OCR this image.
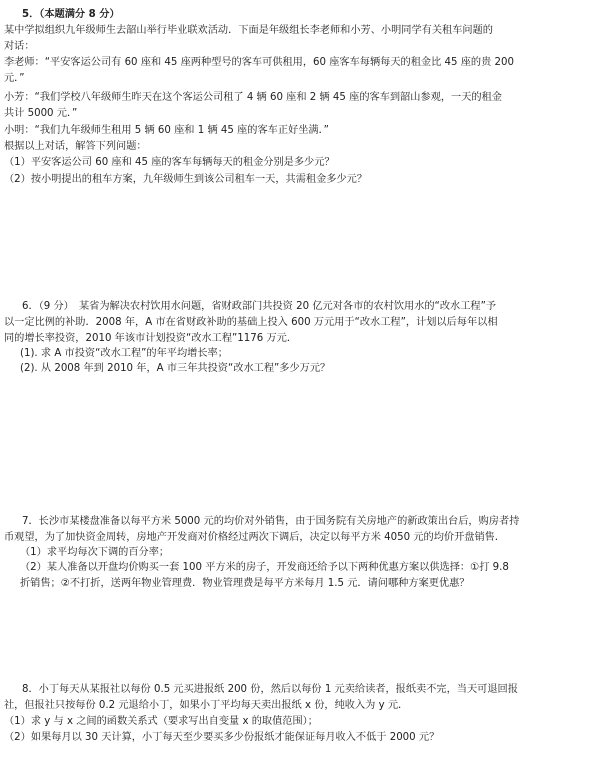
5．（本题满分 8 分）
某中学拟组织九年级师生去韶山举行毕业联欢活动．下面是年级组长李老师和小芳、小明同学有关租车问题的
对话：
李老师：“平安客运公司有 60 座和 45 座两种型号的客车可供租用，60 座客车每辆每天的租金比 45 座的贵 200
元．”
小芳：“我们学校八年级师生昨天在这个客运公司租了 4 辆 60 座和 2 辆 45 座的客车到韶山参观，一天的租金
共计 5000 元．”
小明：“我们九年级师生租用 5 辆 60 座和 1 辆 45 座的客车正好坐满．”
根据以上对话，解答下列问题：
（1）平安客运公司 60 座和 45 座的客车每辆每天的租金分别是多少元？
（2）按小明提出的租车方案，九年级师生到该公司租车一天，共需租金多少元？
6．（9 分）　某省为解决农村饮用水问题，省财政部门共投资 20 亿元对各市的农村饮用水的“改水工程”予
以一定比例的补助．2008 年，A 市在省财政补助的基础上投入 600 万元用于“改水工程”，计划以后每年以相
同的增长率投资，2010 年该市计划投资“改水工程”1176 万元．
(1). 求 A 市投资“改水工程”的年平均增长率；
(2). 从 2008 年到 2010 年，A 市三年共投资“改水工程”多少万元？
7．长沙市某楼盘准备以每平方米 5000 元的均价对外销售，由于国务院有关房地产的新政策出台后，购房者持
币观望，为了加快资金周转，房地产开发商对价格经过两次下调后，决定以每平方米 4050 元的均价开盘销售．
（1）求平均每次下调的百分率；
（2）某人准备以开盘均价购买一套 100 平方米的房子，开发商还给予以下两种优惠方案以供选择：①打 9.8
折销售；②不打折，送两年物业管理费．物业管理费是每平方米每月 1.5 元．请问哪种方案更优惠？
8．小丁每天从某报社以每份 0.5 元买进报纸 200 份，然后以每份 1 元卖给读者，报纸卖不完，当天可退回报
社，但报社只按每份 0.2 元退给小丁，如果小丁平均每天卖出报纸 x 份，纯收入为 y 元．
（1）求 y 与 x 之间的函数关系式（要求写出自变量 x 的取值范围）；
（2）如果每月以 30 天计算，小丁每天至少要买多少份报纸才能保证每月收入不低于 2000 元？
